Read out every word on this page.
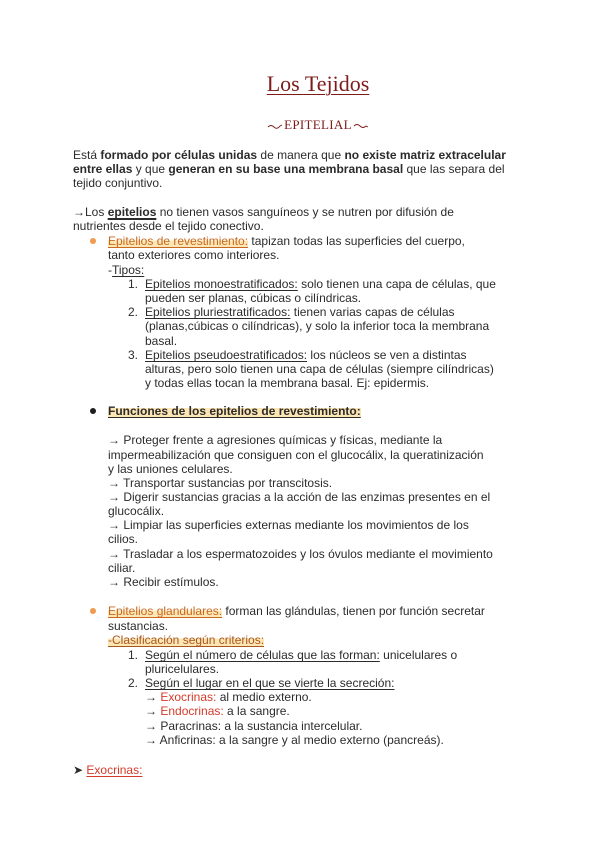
Los Tejidos
EPITELIAL
Está formado por células unidas de manera que no existe matriz extracelular
entre ellas y que generan en su base una membrana basal que las separa del
tejido conjuntivo.
→Los epitelios no tienen vasos sanguíneos y se nutren por difusión de
nutrientes desde el tejido conectivo.
Epitelios de revestimiento: tapizan todas las superficies del cuerpo,
tanto exteriores como interiores.
-Tipos:
1. Epitelios monoestratificados: solo tienen una capa de células, que
pueden ser planas, cúbicas o cilíndricas.
2. Epitelios pluriestratificados: tienen varias capas de células
(planas,cúbicas o cilíndricas), y solo la inferior toca la membrana
basal.
3. Epitelios pseudoestratificados: los núcleos se ven a distintas
alturas, pero solo tienen una capa de células (siempre cilíndricas)
y todas ellas tocan la membrana basal. Ej: epidermis.
Funciones de los epitelios de revestimiento:
→ Proteger frente a agresiones químicas y físicas, mediante la
impermeabilización que consiguen con el glucocálix, la queratinización
y las uniones celulares.
→ Transportar sustancias por transcitosis.
→ Digerir sustancias gracias a la acción de las enzimas presentes en el
glucocálix.
→ Limpiar las superficies externas mediante los movimientos de los
cilios.
→ Trasladar a los espermatozoides y los óvulos mediante el movimiento
ciliar.
→ Recibir estímulos.
Epitelios glandulares: forman las glándulas, tienen por función secretar
sustancias.
-Clasificación según criterios:
1. Según el número de células que las forman: unicelulares o
pluricelulares.
2. Según el lugar en el que se vierte la secreción:
→ Exocrinas: al medio externo.
→ Endocrinas: a la sangre.
→ Paracrinas: a la sustancia intercelular.
→ Anficrinas: a la sangre y al medio externo (pancreás).
➤ Exocrinas:
